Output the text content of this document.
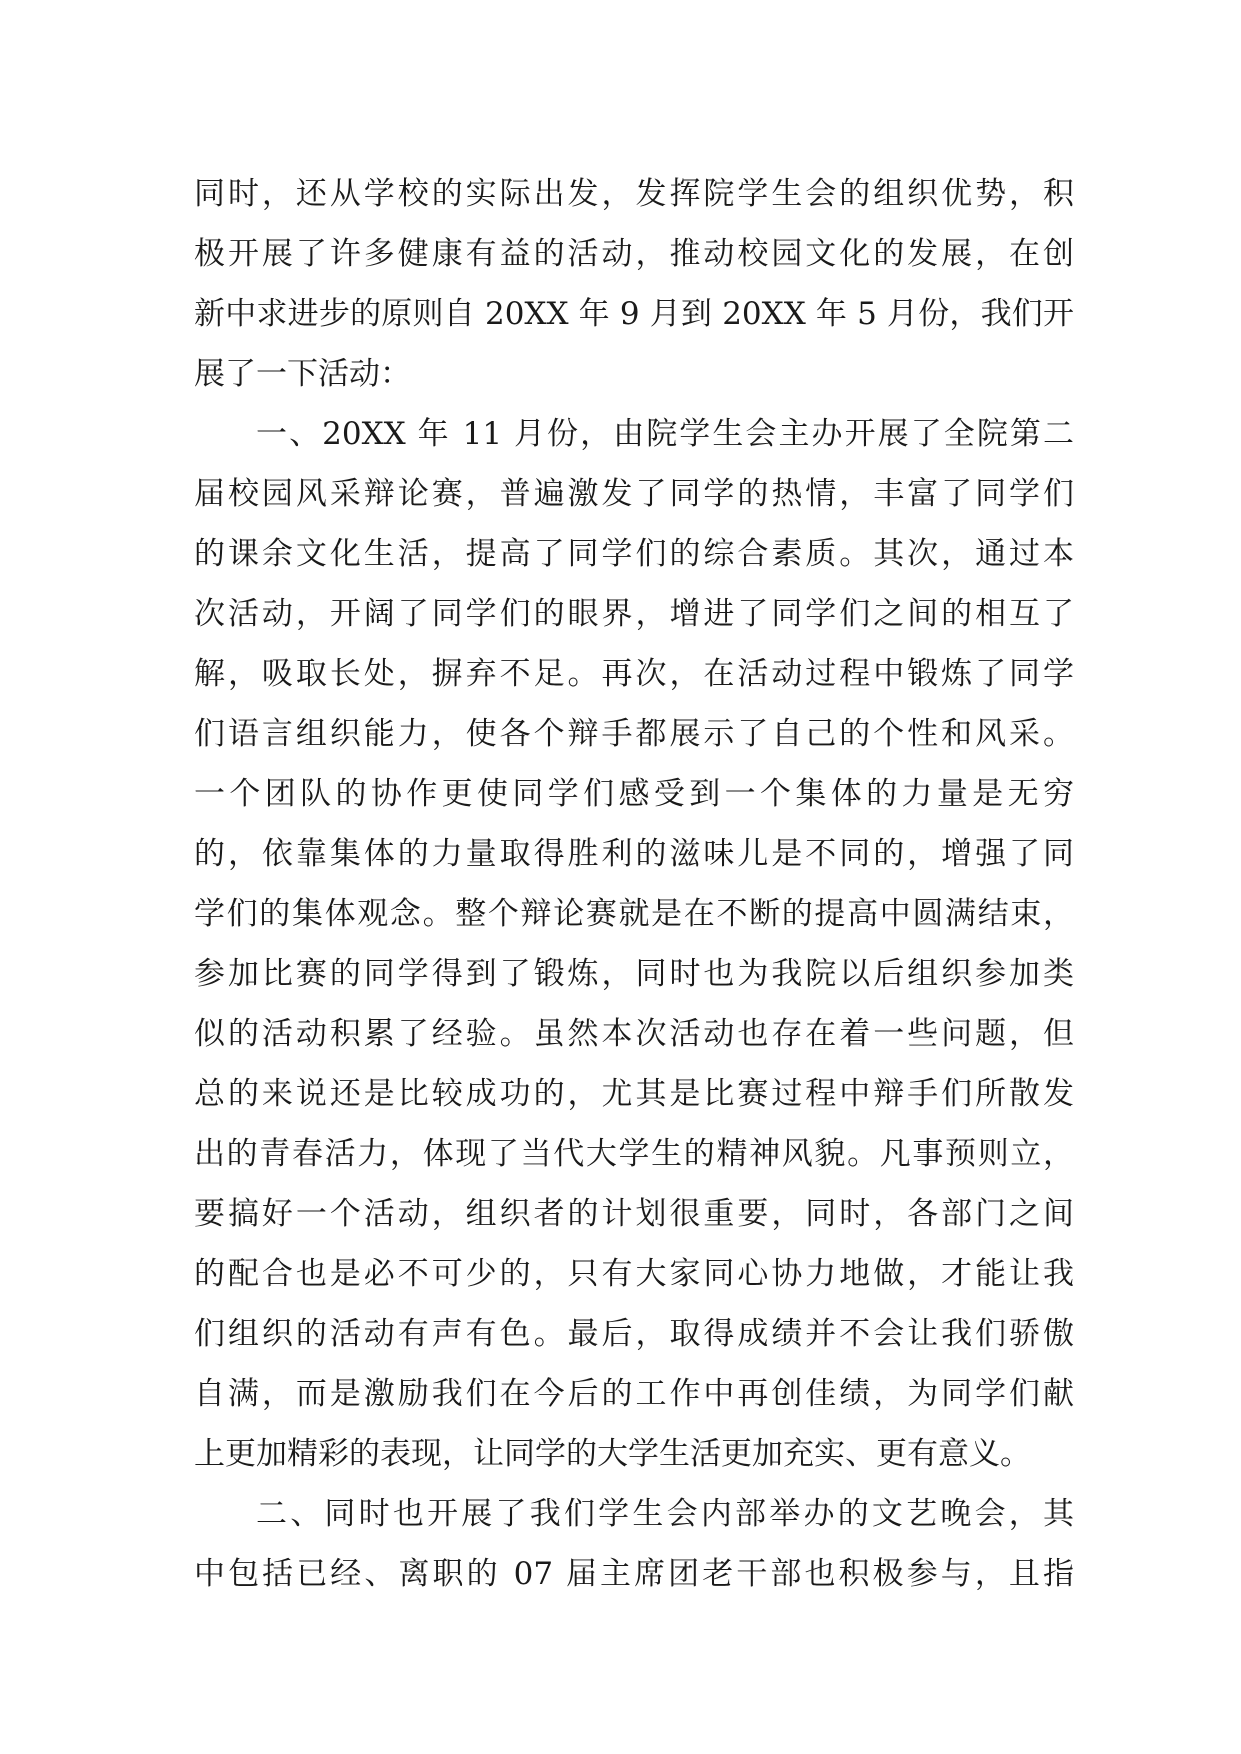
同时，还从学校的实际出发，发挥院学生会的组织优势，积
极开展了许多健康有益的活动，推动校园文化的发展，在创
新中求进步的原则自 20XX 年 9 月到 20XX 年 5 月份，我们开
展了一下活动：
一、20XX 年 11 月份，由院学生会主办开展了全院第二
届校园风采辩论赛，普遍激发了同学的热情，丰富了同学们
的课余文化生活，提高了同学们的综合素质。其次，通过本
次活动，开阔了同学们的眼界，增进了同学们之间的相互了
解，吸取长处，摒弃不足。再次，在活动过程中锻炼了同学
们语言组织能力，使各个辩手都展示了自己的个性和风采。
一个团队的协作更使同学们感受到一个集体的力量是无穷
的，依靠集体的力量取得胜利的滋味儿是不同的，增强了同
学们的集体观念。整个辩论赛就是在不断的提高中圆满结束，
参加比赛的同学得到了锻炼，同时也为我院以后组织参加类
似的活动积累了经验。虽然本次活动也存在着一些问题，但
总的来说还是比较成功的，尤其是比赛过程中辩手们所散发
出的青春活力，体现了当代大学生的精神风貌。凡事预则立，
要搞好一个活动，组织者的计划很重要，同时，各部门之间
的配合也是必不可少的，只有大家同心协力地做，才能让我
们组织的活动有声有色。最后，取得成绩并不会让我们骄傲
自满，而是激励我们在今后的工作中再创佳绩，为同学们献
上更加精彩的表现，让同学的大学生活更加充实、更有意义。
二、同时也开展了我们学生会内部举办的文艺晚会，其
中包括已经、离职的 07 届主席团老干部也积极参与，且指
